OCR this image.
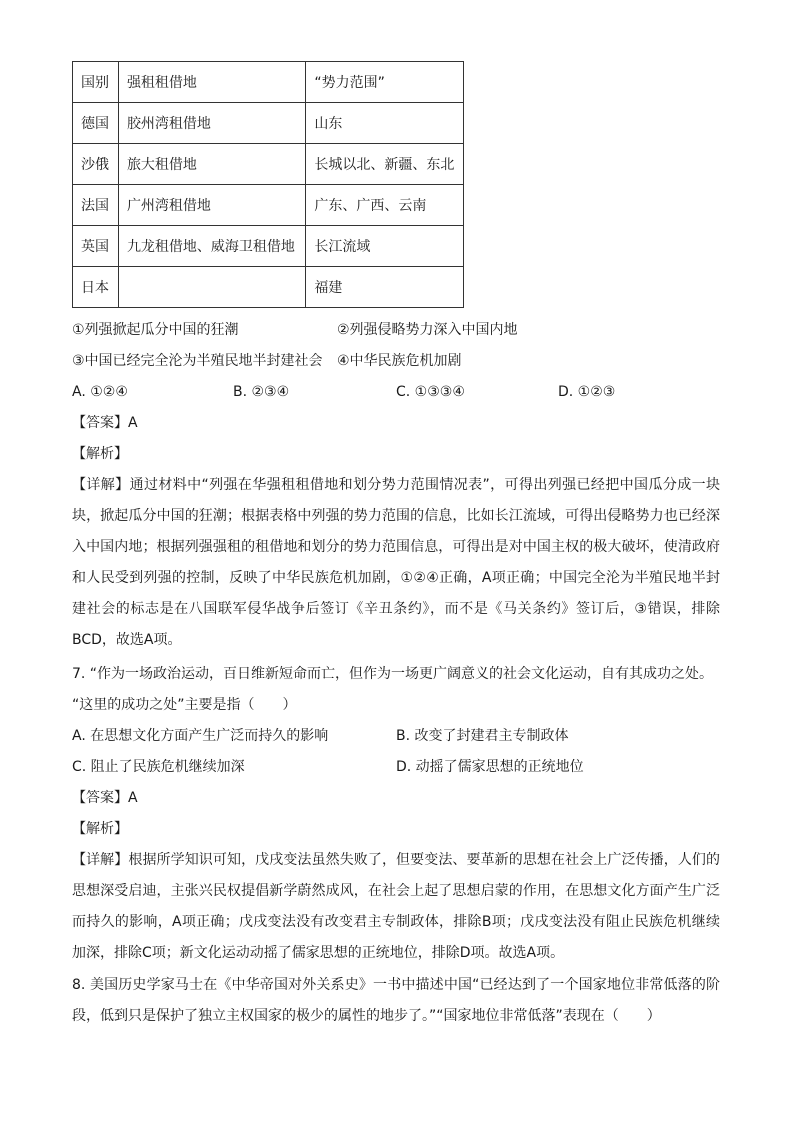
国别	强租租借地	“势力范围”
德国	胶州湾租借地	山东
沙俄	旅大租借地	长城以北、新疆、东北
法国	广州湾租借地	广东、广西、云南
英国	九龙租借地、威海卫租借地	长江流域
日本		福建
①列强掀起瓜分中国的狂潮	②列强侵略势力深入中国内地
③中国已经完全沦为半殖民地半封建社会 ④中华民族危机加剧
A. ①②④	B. ②③④	C. ①③③④	D. ①②③
【答案】A
【解析】
【详解】通过材料中“列强在华强租租借地和划分势力范围情况表”，可得出列强已经把中国瓜分成一块块，掀起瓜分中国的狂潮；根据表格中列强的势力范围的信息，比如长江流域，可得出侵略势力也已经深入中国内地；根据列强强租的租借地和划分的势力范围信息，可得出是对中国主权的极大破坏，使清政府和人民受到列强的控制，反映了中华民族危机加剧，①②④正确，A项正确；中国完全沦为半殖民地半封建社会的标志是在八国联军侵华战争后签订《辛丑条约》，而不是《马关条约》签订后，③错误，排除BCD，故选A项。
7. “作为一场政治运动，百日维新短命而亡，但作为一场更广阔意义的社会文化运动，自有其成功之处。
“这里的成功之处”主要是指（　　）
A. 在思想文化方面产生广泛而持久的影响	B. 改变了封建君主专制政体
C. 阻止了民族危机继续加深	D. 动摇了儒家思想的正统地位
【答案】A
【解析】
【详解】根据所学知识可知，戊戌变法虽然失败了，但要变法、要革新的思想在社会上广泛传播，人们的思想深受启迪，主张兴民权提倡新学蔚然成风，在社会上起了思想启蒙的作用，在思想文化方面产生广泛而持久的影响，A项正确；戊戌变法没有改变君主专制政体，排除B项；戊戌变法没有阻止民族危机继续加深，排除C项；新文化运动动摇了儒家思想的正统地位，排除D项。故选A项。
8. 美国历史学家马士在《中华帝国对外关系史》一书中描述中国“已经达到了一个国家地位非常低落的阶段，低到只是保护了独立主权国家的极少的属性的地步了。”“国家地位非常低落”表现在（　　）
